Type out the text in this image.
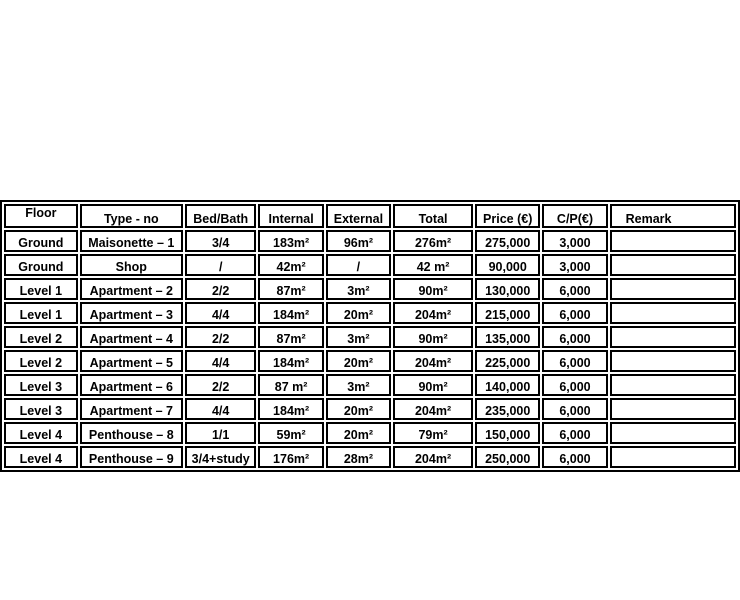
Floor	Type - no	Bed/Bath	Internal	External	Total	Price (€)	C/P(€)	Remark
Ground	Maisonette – 1	3/4	183m²	96m²	276m²	275,000	3,000	
Ground	Shop	/	42m²	/	42 m²	90,000	3,000	
Level 1	Apartment – 2	2/2	87m²	3m²	90m²	130,000	6,000	
Level 1	Apartment – 3	4/4	184m²	20m²	204m²	215,000	6,000	
Level 2	Apartment – 4	2/2	87m²	3m²	90m²	135,000	6,000	
Level 2	Apartment – 5	4/4	184m²	20m²	204m²	225,000	6,000	
Level 3	Apartment – 6	2/2	87 m²	3m²	90m²	140,000	6,000	
Level 3	Apartment – 7	4/4	184m²	20m²	204m²	235,000	6,000	
Level 4	Penthouse – 8	1/1	59m²	20m²	79m²	150,000	6,000	
Level 4	Penthouse – 9	3/4+study	176m²	28m²	204m²	250,000	6,000	
